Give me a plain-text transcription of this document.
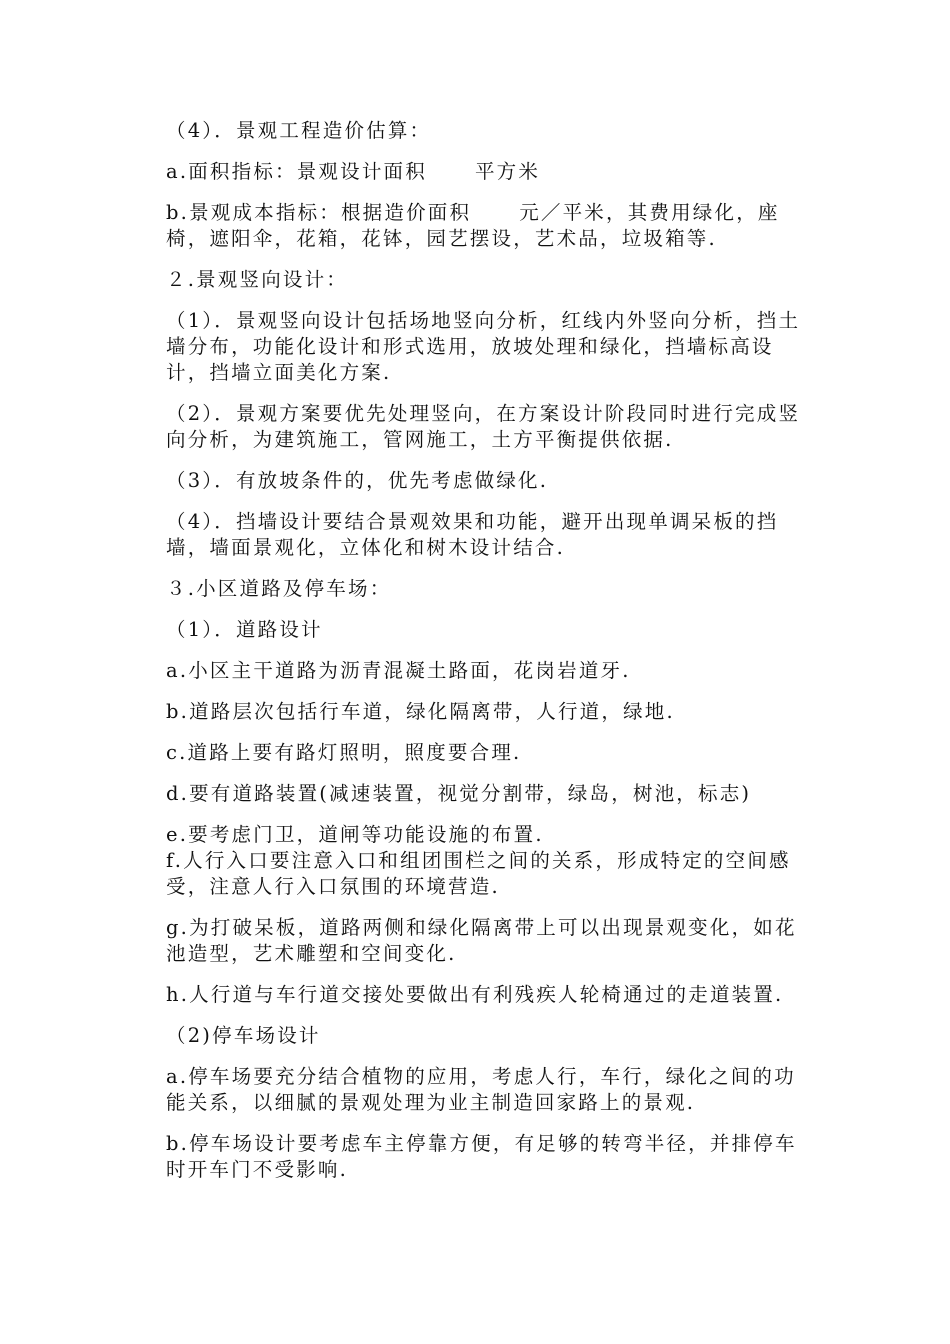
（4）．景观工程造价估算：

a.面积指标：景观设计面积 平方米

b.景观成本指标：根据造价面积 元／平米，其费用绿化，座椅，遮阳伞，花箱，花钵，园艺摆设，艺术品，垃圾箱等.

２.景观竖向设计：

（1）．景观竖向设计包括场地竖向分析，红线内外竖向分析，挡土墙分布，功能化设计和形式选用，放坡处理和绿化，挡墙标高设计，挡墙立面美化方案.

（2）．景观方案要优先处理竖向，在方案设计阶段同时进行完成竖向分析，为建筑施工，管网施工，土方平衡提供依据.

（3）．有放坡条件的，优先考虑做绿化.

（4）．挡墙设计要结合景观效果和功能，避开出现单调呆板的挡墙，墙面景观化，立体化和树木设计结合.

３.小区道路及停车场：

（1）．道路设计

a.小区主干道路为沥青混凝土路面，花岗岩道牙.

b.道路层次包括行车道，绿化隔离带，人行道，绿地.

c.道路上要有路灯照明，照度要合理.

d.要有道路装置(减速装置，视觉分割带，绿岛，树池，标志)

e.要考虑门卫，道闸等功能设施的布置.

f.人行入口要注意入口和组团围栏之间的关系，形成特定的空间感受，注意人行入口氛围的环境营造.

g.为打破呆板，道路两侧和绿化隔离带上可以出现景观变化，如花池造型，艺术雕塑和空间变化.

h.人行道与车行道交接处要做出有利残疾人轮椅通过的走道装置.

（2)停车场设计

a.停车场要充分结合植物的应用，考虑人行，车行，绿化之间的功能关系，以细腻的景观处理为业主制造回家路上的景观.

b.停车场设计要考虑车主停靠方便，有足够的转弯半径，并排停车时开车门不受影响.
